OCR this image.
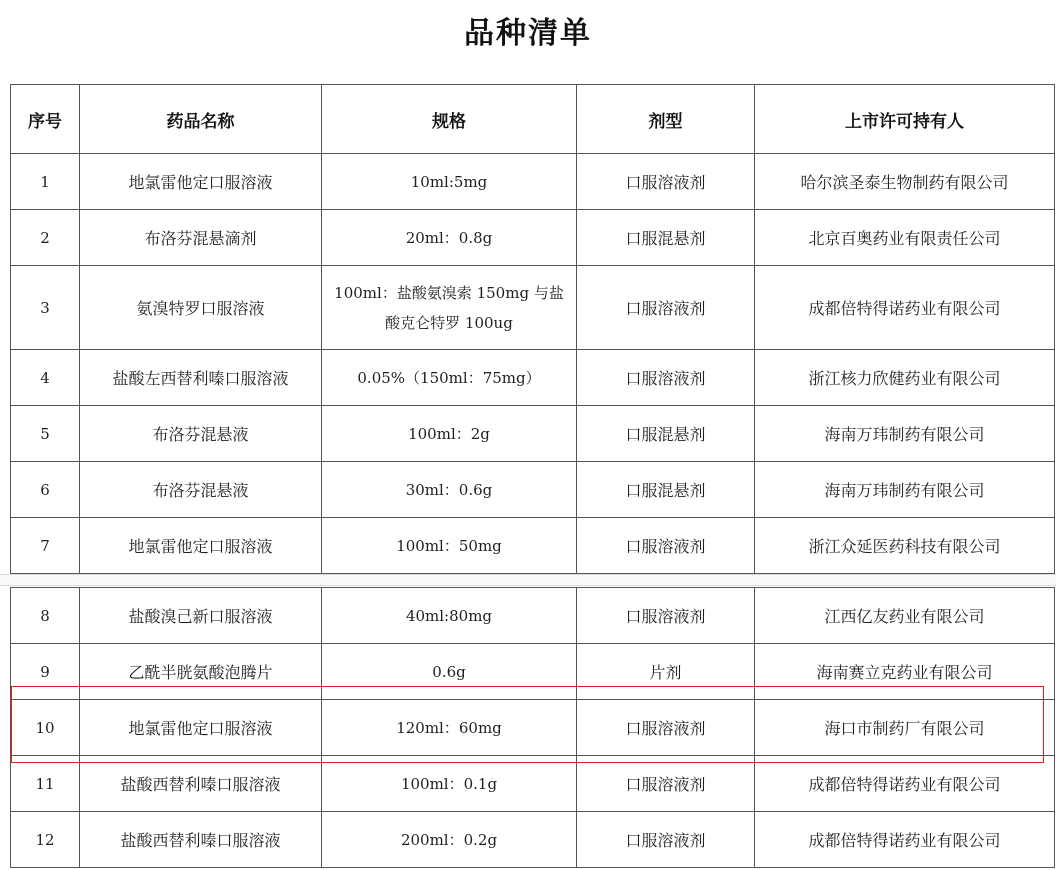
品种清单
序号	药品名称	规格	剂型	上市许可持有人
1	地氯雷他定口服溶液	10ml:5mg	口服溶液剂	哈尔滨圣泰生物制药有限公司
2	布洛芬混悬滴剂	20ml：0.8g	口服混悬剂	北京百奥药业有限责任公司
3	氨溴特罗口服溶液	100ml：盐酸氨溴索 150mg 与盐酸克仑特罗 100ug	口服溶液剂	成都倍特得诺药业有限公司
4	盐酸左西替利嗪口服溶液	0.05%（150ml：75mg）	口服溶液剂	浙江核力欣健药业有限公司
5	布洛芬混悬液	100ml：2g	口服混悬剂	海南万玮制药有限公司
6	布洛芬混悬液	30ml：0.6g	口服混悬剂	海南万玮制药有限公司
7	地氯雷他定口服溶液	100ml：50mg	口服溶液剂	浙江众延医药科技有限公司
8	盐酸溴己新口服溶液	40ml:80mg	口服溶液剂	江西亿友药业有限公司
9	乙酰半胱氨酸泡腾片	0.6g	片剂	海南赛立克药业有限公司
10	地氯雷他定口服溶液	120ml：60mg	口服溶液剂	海口市制药厂有限公司
11	盐酸西替利嗪口服溶液	100ml：0.1g	口服溶液剂	成都倍特得诺药业有限公司
12	盐酸西替利嗪口服溶液	200ml：0.2g	口服溶液剂	成都倍特得诺药业有限公司
